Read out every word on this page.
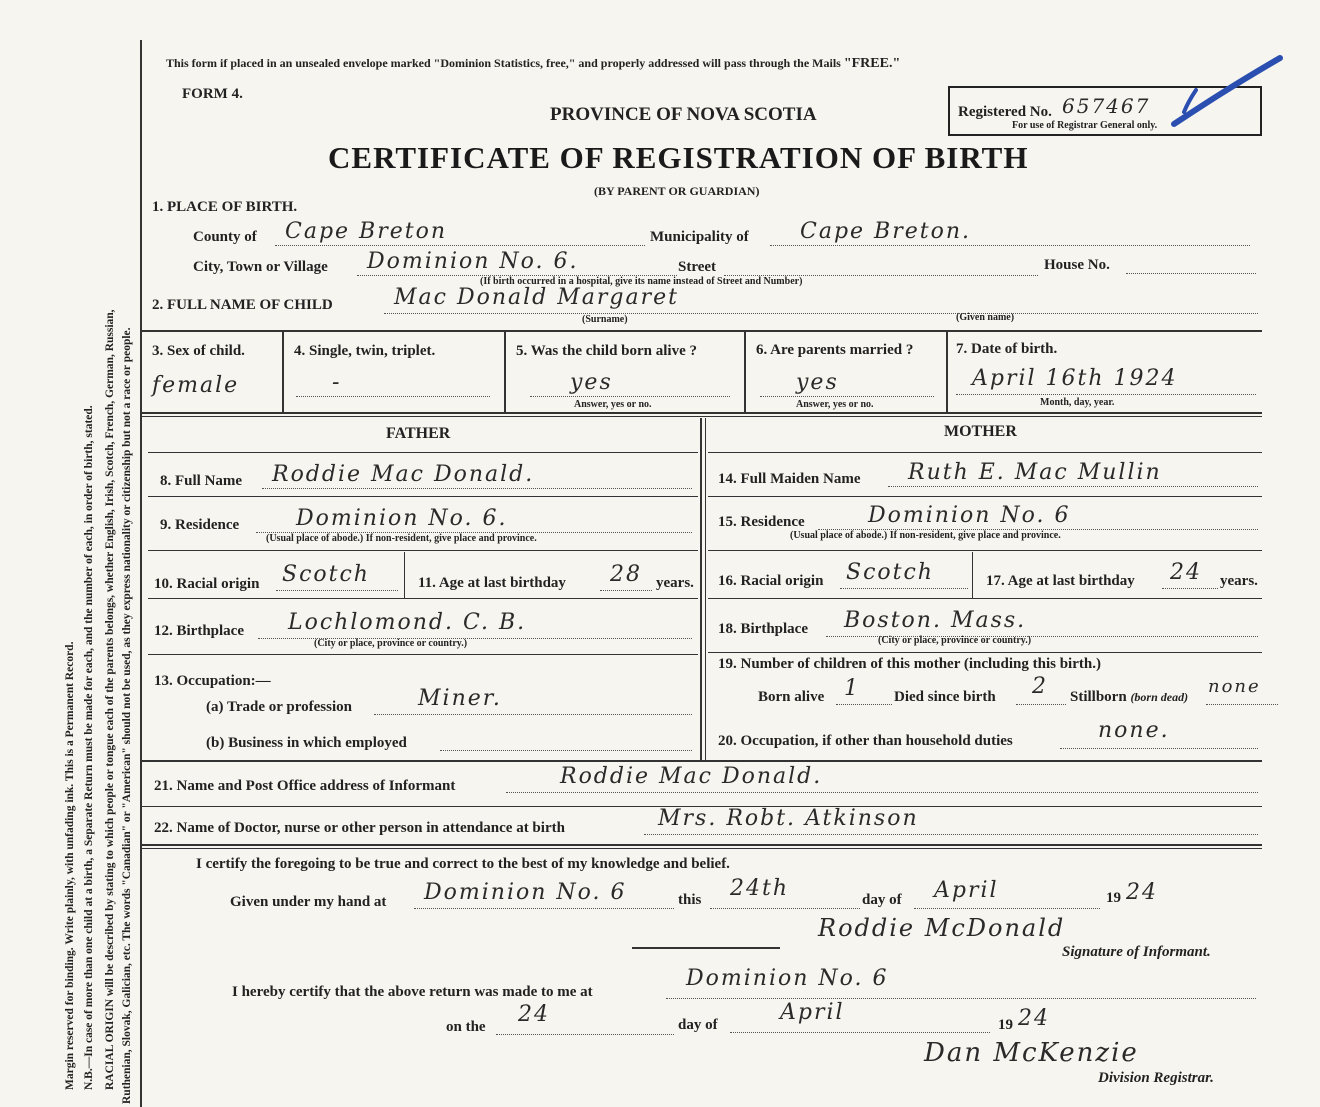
Margin reserved for binding. Write plainly, with unfading ink. This is a Permanent Record. N.B.—In case of more than one child at a birth, a Separate Return must be made for each, and the number of each, in order of birth, stated. RACIAL ORIGIN will be described by stating to which people or tongue each of the parents belongs, whether English, Irish, Scotch, French, German, Russian, Ruthenian, Slovak, Galician, etc. The words "Canadian" or "American" should not be used, as they express nationality or citizenship but not a race or people.
This form if placed in an unsealed envelope marked "Dominion Statistics, free," and properly addressed will pass through the Mails "FREE."
FORM 4.
PROVINCE OF NOVA SCOTIA
CERTIFICATE OF REGISTRATION OF BIRTH
(BY PARENT OR GUARDIAN)
Registered No. 657467
For use of Registrar General only.
1. PLACE OF BIRTH.
County of Cape Breton	Municipality of Cape Breton.
City, Town or Village Dominion No. 6.	Street	House No.
(If birth occurred in a hospital, give its name instead of Street and Number)
2. FULL NAME OF CHILD	Mac Donald Margaret
(Surname)	(Given name)
3. Sex of child.
female
4. Single, twin, triplet.
-
5. Was the child born alive ?
yes
Answer, yes or no.
6. Are parents married ?
yes
Answer, yes or no.
7. Date of birth.
April 16th 1924
Month, day, year.
FATHER	MOTHER
8. Full Name Roddie Mac Donald.
9. Residence	Dominion No. 6.
(Usual place of abode.) If non-resident, give place and province.
10. Racial origin Scotch	11. Age at last birthday 28 years.
12. Birthplace Lochlomond. C. B.
(City or place, province or country.)
13. Occupation:—
(a) Trade or profession	Miner.
(b) Business in which employed
14. Full Maiden Name Ruth E. Mac Mullin
15. Residence	Dominion No. 6
(Usual place of abode.) If non-resident, give place and province.
16. Racial origin Scotch	17. Age at last birthday 24 years.
18. Birthplace Boston. Mass.
(City or place, province or country.)
19. Number of children of this mother (including this birth.)
Born alive 1 Died since birth 2 Stillborn (born dead) none
20. Occupation, if other than household duties	none.
21. Name and Post Office address of Informant	Roddie Mac Donald.
22. Name of Doctor, nurse or other person in attendance at birth	Mrs. Robt. Atkinson
I certify the foregoing to be true and correct to the best of my knowledge and belief.
Given under my hand at Dominion No. 6	this 24th	day of April	19 24
Roddie McDonald
Signature of Informant.
I hereby certify that the above return was made to me at
Dominion No. 6
on the 24	day of	April	19 24
Dan McKenzie
Division Registrar.
